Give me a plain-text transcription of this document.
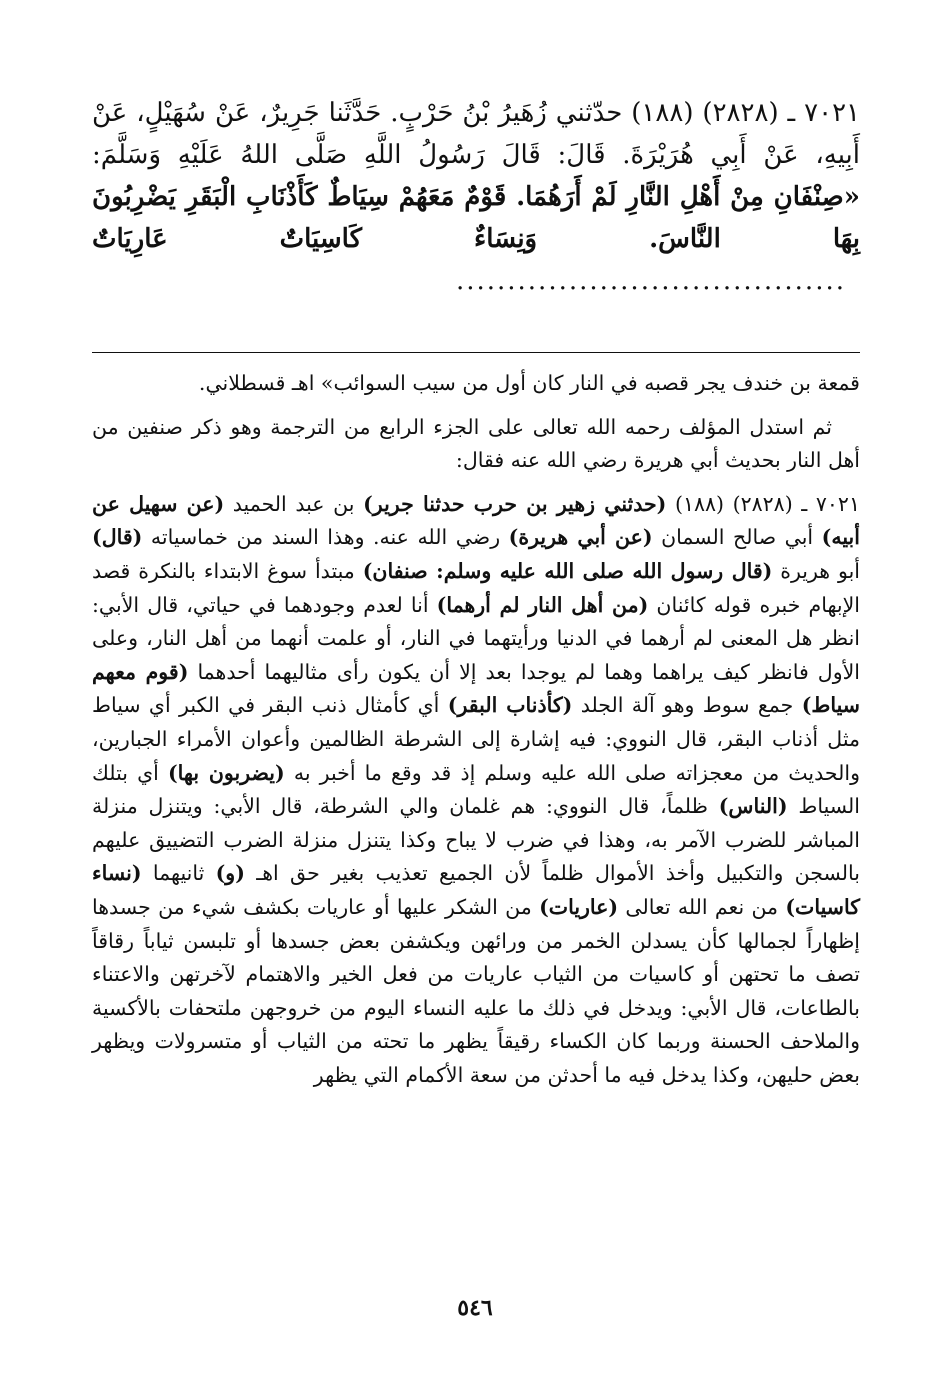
٧٠٢١ ـ (٢٨٢٨) (١٨٨) حدّثني زُهَيرُ بْنُ حَرْبٍ. حَدَّثَنا جَرِيرٌ، عَنْ سُهَيْلٍ، عَنْ أَبِيهِ، عَنْ أَبِي هُرَيْرَةَ. قَالَ: قَالَ رَسُولُ اللَّهِ صَلَّى اللهُ عَلَيْهِ وَسَلَّمَ: «صِنْفَانِ مِنْ أَهْلِ النَّارِ لَمْ أَرَهُمَا. قَوْمٌ مَعَهُمْ سِيَاطٌ كَأَذْنَابِ الْبَقَرِ يَضْرِبُونَ بِهَا النَّاسَ. وَنِسَاءٌ كَاسِيَاتٌ عَارِيَاتٌ ......................................

قمعة بن خندف يجر قصبه في النار كان أول من سيب السوائب» اهـ قسطلاني.

ثم استدل المؤلف رحمه الله تعالى على الجزء الرابع من الترجمة وهو ذكر صنفين من أهل النار بحديث أبي هريرة رضي الله عنه فقال:

٧٠٢١ ـ (٢٨٢٨) (١٨٨) (حدثني زهير بن حرب حدثنا جرير) بن عبد الحميد (عن سهيل عن أبيه) أبي صالح السمان (عن أبي هريرة) رضي الله عنه. وهذا السند من خماسياته (قال) أبو هريرة (قال رسول الله صلى الله عليه وسلم: صنفان) مبتدأ سوغ الابتداء بالنكرة قصد الإبهام خبره قوله كائنان (من أهل النار لم أرهما) أنا لعدم وجودهما في حياتي، قال الأبي: انظر هل المعنى لم أرهما في الدنيا ورأيتهما في النار، أو علمت أنهما من أهل النار، وعلى الأول فانظر كيف يراهما وهما لم يوجدا بعد إلا أن يكون رأى مثاليهما أحدهما (قوم معهم سياط) جمع سوط وهو آلة الجلد (كأذناب البقر) أي كأمثال ذنب البقر في الكبر أي سياط مثل أذناب البقر، قال النووي: فيه إشارة إلى الشرطة الظالمين وأعوان الأمراء الجبارين، والحديث من معجزاته صلى الله عليه وسلم إذ قد وقع ما أخبر به (يضربون بها) أي بتلك السياط (الناس) ظلماً، قال النووي: هم غلمان والي الشرطة، قال الأبي: ويتنزل منزلة المباشر للضرب الآمر به، وهذا في ضرب لا يباح وكذا يتنزل منزلة الضرب التضييق عليهم بالسجن والتكبيل وأخذ الأموال ظلماً لأن الجميع تعذيب بغير حق اهـ (و) ثانيهما (نساء كاسيات) من نعم الله تعالى (عاريات) من الشكر عليها أو عاريات بكشف شيء من جسدها إظهاراً لجمالها كأن يسدلن الخمر من ورائهن ويكشفن بعض جسدها أو تلبسن ثياباً رقاقاً تصف ما تحتهن أو كاسيات من الثياب عاريات من فعل الخير والاهتمام لآخرتهن والاعتناء بالطاعات، قال الأبي: ويدخل في ذلك ما عليه النساء اليوم من خروجهن ملتحفات بالأكسية والملاحف الحسنة وربما كان الكساء رقيقاً يظهر ما تحته من الثياب أو متسرولات ويظهر بعض حليهن، وكذا يدخل فيه ما أحدثن من سعة الأكمام التي يظهر

٥٤٦
